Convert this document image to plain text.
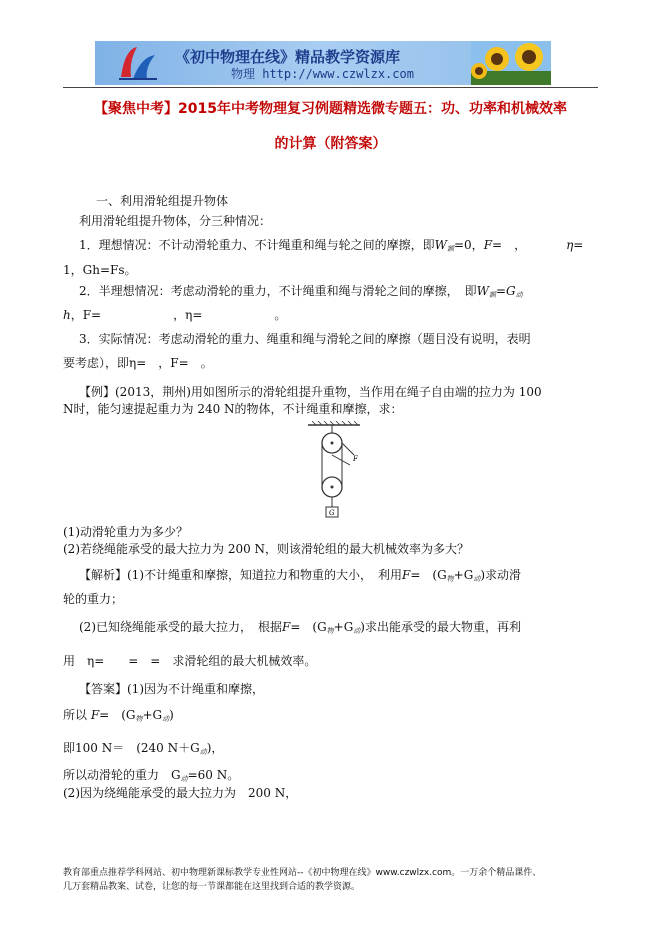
《初中物理在线》精品教学资源库
物理 http://www.czwlzx.com
【聚焦中考】2015年中考物理复习例题精选微专题五：功、功率和机械效率
的计算（附答案）
一、利用滑轮组提升物体
利用滑轮组提升物体，分三种情况：
1．理想情况：不计动滑轮重力、不计绳重和绳与轮之间的摩擦，即W额=0，F=　，	η=
1，Gh=Fs。
2．半理想情况：考虑动滑轮的重力，不计绳重和绳与滑轮之间的摩擦，　即W额=G动
h，F=	，η=	。
3．实际情况：考虑动滑轮的重力、绳重和绳与滑轮之间的摩擦（题目没有说明，表明
要考虑），即η=　，F=　。
【例】(2013，荆州)用如图所示的滑轮组提升重物，当作用在绳子自由端的拉力为 100
N时，能匀速提起重力为 240 N的物体，不计绳重和摩擦，求：
F
G
(1)动滑轮重力为多少？
(2)若绕绳能承受的最大拉力为 200 N，则该滑轮组的最大机械效率为多大？
【解析】(1)不计绳重和摩擦，知道拉力和物重的大小，　利用F=　(G物+G动)求动滑
轮的重力；
(2)已知绕绳能承受的最大拉力，　根据F=　(G物+G动)求出能承受的最大物重，再利
用　η=　　=　=　求滑轮组的最大机械效率。
【答案】(1)因为不计绳重和摩擦，
所以 F=　(G物+G动)
即100 N＝　(240 N＋G动)，
所以动滑轮的重力　G动=60 N。
(2)因为绕绳能承受的最大拉力为　200 N，
教育部重点推荐学科网站、初中物理新课标教学专业性网站--《初中物理在线》www.czwlzx.com。一万余个精品课件、
几万套精品教案、试卷，让您的每一节课都能在这里找到合适的教学资源。
